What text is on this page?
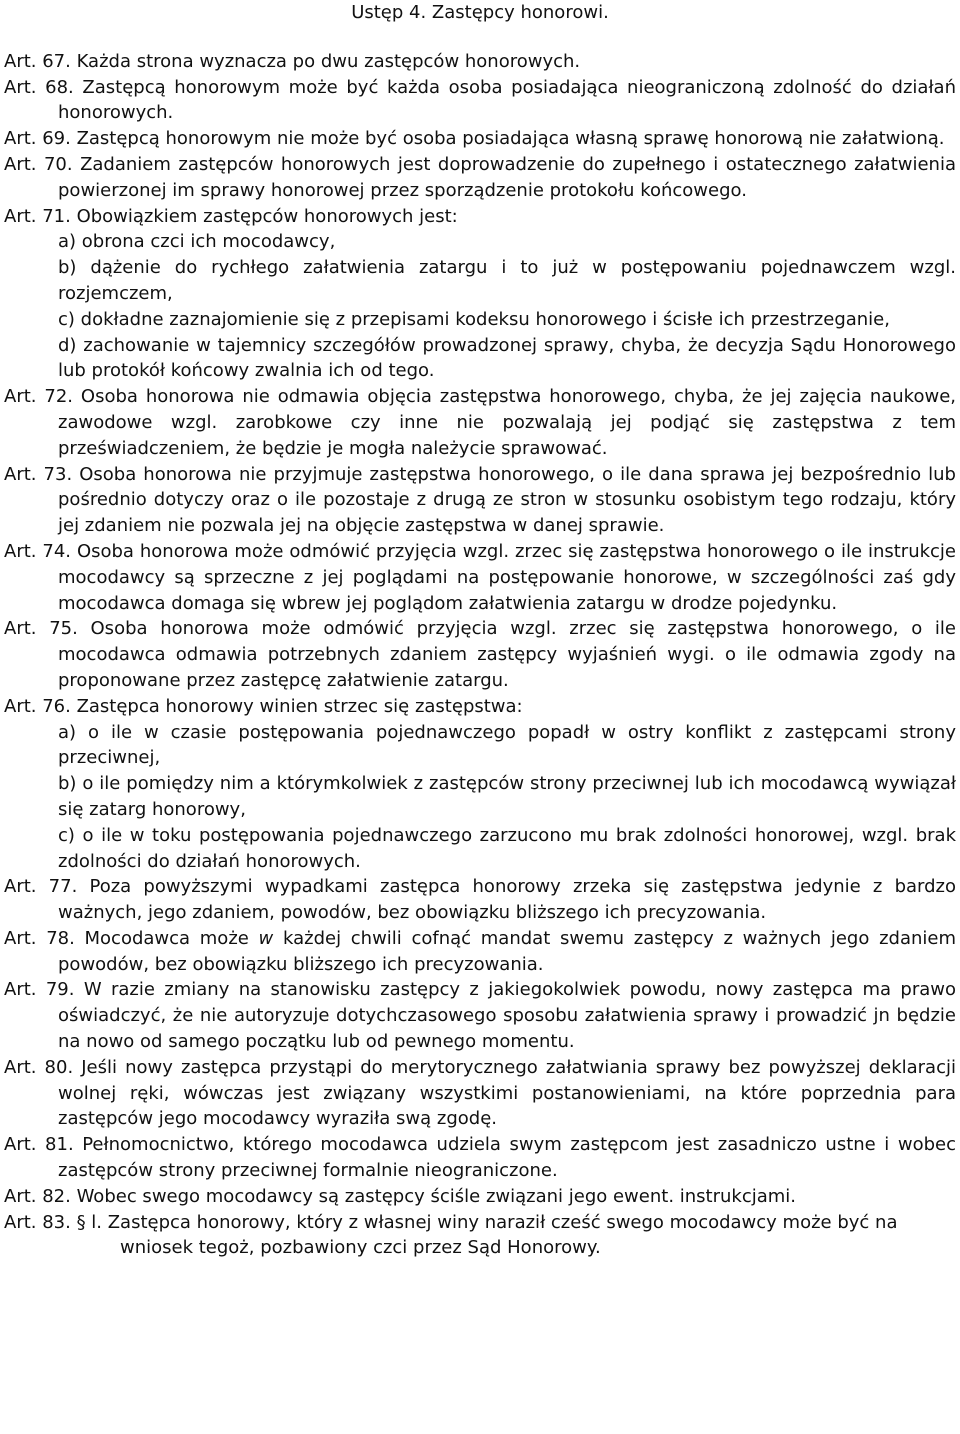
Ustęp 4. Zastępcy honorowi.
Art. 67. Każda strona wyznacza po dwu zastępców honorowych.
Art. 68. Zastępcą honorowym może być każda osoba posiadająca nieograniczoną zdolność do działań honorowych.
Art. 69. Zastępcą honorowym nie może być osoba posiadająca własną sprawę honorową nie załatwioną.
Art. 70. Zadaniem zastępców honorowych jest doprowadzenie do zupełnego i ostatecznego załatwienia powierzonej im sprawy honorowej przez sporządzenie protokołu końcowego.
Art. 71. Obowiązkiem zastępców honorowych jest:
a) obrona czci ich mocodawcy,
b) dążenie do rychłego załatwienia zatargu i to już w postępowaniu pojednawczem wzgl. rozjemczem,
c) dokładne zaznajomienie się z przepisami kodeksu honorowego i ścisłe ich przestrzeganie,
d) zachowanie w tajemnicy szczegółów prowadzonej sprawy, chyba, że decyzja Sądu Honorowego lub protokół końcowy zwalnia ich od tego.
Art. 72. Osoba honorowa nie odmawia objęcia zastępstwa honorowego, chyba, że jej zajęcia naukowe, zawodowe wzgl. zarobkowe czy inne nie pozwalają jej podjąć się zastępstwa z tem przeświadczeniem, że będzie je mogła należycie sprawować.
Art. 73. Osoba honorowa nie przyjmuje zastępstwa honorowego, o ile dana sprawa jej bezpośrednio lub pośrednio dotyczy oraz o ile pozostaje z drugą ze stron w stosunku osobistym tego rodzaju, który jej zdaniem nie pozwala jej na objęcie zastępstwa w danej sprawie.
Art. 74. Osoba honorowa może odmówić przyjęcia wzgl. zrzec się zastępstwa honorowego o ile instrukcje mocodawcy są sprzeczne z jej poglądami na postępowanie honorowe, w szczególności zaś gdy mocodawca domaga się wbrew jej poglądom załatwienia zatargu w drodze pojedynku.
Art. 75. Osoba honorowa może odmówić przyjęcia wzgl. zrzec się zastępstwa honorowego, o ile mocodawca odmawia potrzebnych zdaniem zastępcy wyjaśnień wygi. o ile odmawia zgody na proponowane przez zastępcę załatwienie zatargu.
Art. 76. Zastępca honorowy winien strzec się zastępstwa:
a) o ile w czasie postępowania pojednawczego popadł w ostry konflikt z zastępcami strony przeciwnej,
b) o ile pomiędzy nim a którymkolwiek z zastępców strony przeciwnej lub ich mocodawcą wywiązał się zatarg honorowy,
c) o ile w toku postępowania pojednawczego zarzucono mu brak zdolności honorowej, wzgl. brak zdolności do działań honorowych.
Art. 77. Poza powyższymi wypadkami zastępca honorowy zrzeka się zastępstwa jedynie z bardzo ważnych, jego zdaniem, powodów, bez obowiązku bliższego ich precyzowania.
Art. 78. Mocodawca może w każdej chwili cofnąć mandat swemu zastępcy z ważnych jego zdaniem powodów, bez obowiązku bliższego ich precyzowania.
Art. 79. W razie zmiany na stanowisku zastępcy z jakiegokolwiek powodu, nowy zastępca ma prawo oświadczyć, że nie autoryzuje dotychczasowego sposobu załatwienia sprawy i prowadzić jn będzie na nowo od samego początku lub od pewnego momentu.
Art. 80. Jeśli nowy zastępca przystąpi do merytorycznego załatwiania sprawy bez powyższej deklaracji wolnej ręki, wówczas jest związany wszystkimi postanowieniami, na które poprzednia para zastępców jego mocodawcy wyraziła swą zgodę.
Art. 81. Pełnomocnictwo, którego mocodawca udziela swym zastępcom jest zasadniczo ustne i wobec zastępców strony przeciwnej formalnie nieograniczone.
Art. 82. Wobec swego mocodawcy są zastępcy ściśle związani jego ewent. instrukcjami.
Art. 83. § l. Zastępca honorowy, który z własnej winy naraził cześć swego mocodawcy może być na
wniosek tegoż, pozbawiony czci przez Sąd Honorowy.
